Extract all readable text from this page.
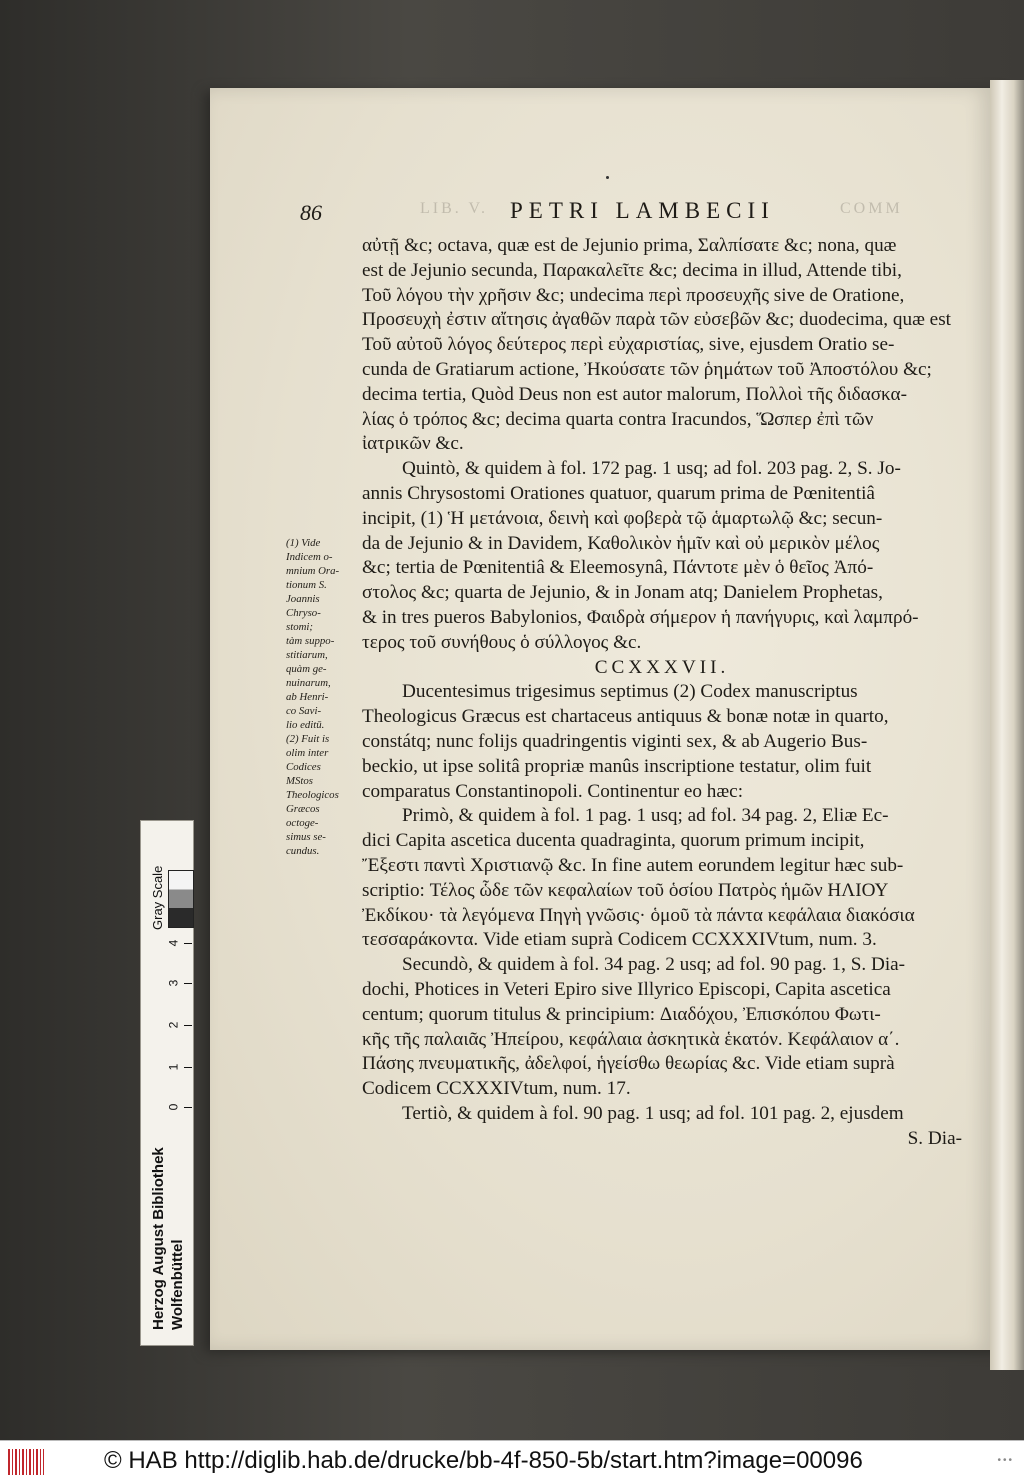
COMM
LIB. V.
86	PETRI LAMBECII
αὐτῇ &c; octava, quæ est de Jejunio prima, Σαλπίσατε &c; nona, quæ
est de Jejunio secunda, Παρακαλεῖτε &c; decima in illud, Attende tibi,
Τοῦ λόγου τὴν χρῆσιν &c; undecima περὶ προσευχῆς sive de Oratione,
Προσευχὴ ἐστιν αἴτησις ἀγαθῶν παρὰ τῶν εὐσεβῶν &c; duodecima, quæ est
Τοῦ αὐτοῦ λόγος δεύτερος περὶ εὐχαριστίας, sive, ejusdem Oratio se-
cunda de Gratiarum actione, Ἠκούσατε τῶν ῥημάτων τοῦ Ἀποστόλου &c;
decima tertia, Quòd Deus non est autor malorum, Πολλοὶ τῆς διδασκα-
λίας ὁ τρόπος &c; decima quarta contra Iracundos, Ὥσπερ ἐπὶ τῶν
ἰατρικῶν &c.
Quintò, & quidem à fol. 172 pag. 1 usq; ad fol. 203 pag. 2, S. Jo-
annis Chrysostomi Orationes quatuor, quarum prima de Pœnitentiâ
incipit, (1) Ἡ μετάνοια, δεινὴ καὶ φοβερὰ τῷ ἁμαρτωλῷ &c; secun-
da de Jejunio & in Davidem, Καθολικὸν ἡμῖν καὶ οὐ μερικὸν μέλος
&c; tertia de Pœnitentiâ & Eleemosynâ, Πάντοτε μὲν ὁ θεῖος Ἀπό-
στολος &c; quarta de Jejunio, & in Jonam atq; Danielem Prophetas,
& in tres pueros Babylonios, Φαιδρὰ σήμερον ἡ πανήγυρις, καὶ λαμπρό-
τερος τοῦ συνήθους ὁ σύλλογος &c.
CCXXXVII.
Ducentesimus trigesimus septimus (2) Codex manuscriptus
Theologicus Græcus est chartaceus antiquus & bonæ notæ in quarto,
constátq; nunc folijs quadringentis viginti sex, & ab Augerio Bus-
beckio, ut ipse solitâ propriæ manûs inscriptione testatur, olim fuit
comparatus Constantinopoli. Continentur eo hæc:
Primò, & quidem à fol. 1 pag. 1 usq; ad fol. 34 pag. 2, Eliæ Ec-
dici Capita ascetica ducenta quadraginta, quorum primum incipit,
Ἔξεστι παντὶ Χριστιανῷ &c. In fine autem eorundem legitur hæc sub-
scriptio: Τέλος ὧδε τῶν κεφαλαίων τοῦ ὁσίου Πατρὸς ἡμῶν ΗΛΙΟΥ
Ἐκδίκου· τὰ λεγόμενα Πηγὴ γνῶσις· ὁμοῦ τὰ πάντα κεφάλαια διακόσια
τεσσαράκοντα. Vide etiam suprà Codicem CCXXXIVtum, num. 3.
Secundò, & quidem à fol. 34 pag. 2 usq; ad fol. 90 pag. 1, S. Dia-
dochi, Photices in Veteri Epiro sive Illyrico Episcopi, Capita ascetica
centum; quorum titulus & principium: Διαδόχου, Ἐπισκόπου Φωτι-
κῆς τῆς παλαιᾶς Ἠπείρου, κεφάλαια ἀσκητικὰ ἑκατόν. Κεφάλαιον α΄.
Πάσης πνευματικῆς, ἀδελφοί, ἡγείσθω θεωρίας &c. Vide etiam suprà
Codicem CCXXXIVtum, num. 17.
Tertiò, & quidem à fol. 90 pag. 1 usq; ad fol. 101 pag. 2, ejusdem
S. Dia-
(1) Vide
Indicem o-
mnium Ora-
tionum S.
Joannis
Chryso-
stomi;
tàm suppo-
stitiarum,
quàm ge-
nuinarum,
ab Henri-
co Savi-
lio editū.
(2) Fuit is
olim inter
Codices
MStos
Theologicos
Græcos
octoge-
simus se-
cundus.
Gray Scale
4
3
2
1
0
Herzog August Bibliothek Wolfenbüttel
© HAB http://diglib.hab.de/drucke/bb-4f-850-5b/start.htm?image=00096	•••
